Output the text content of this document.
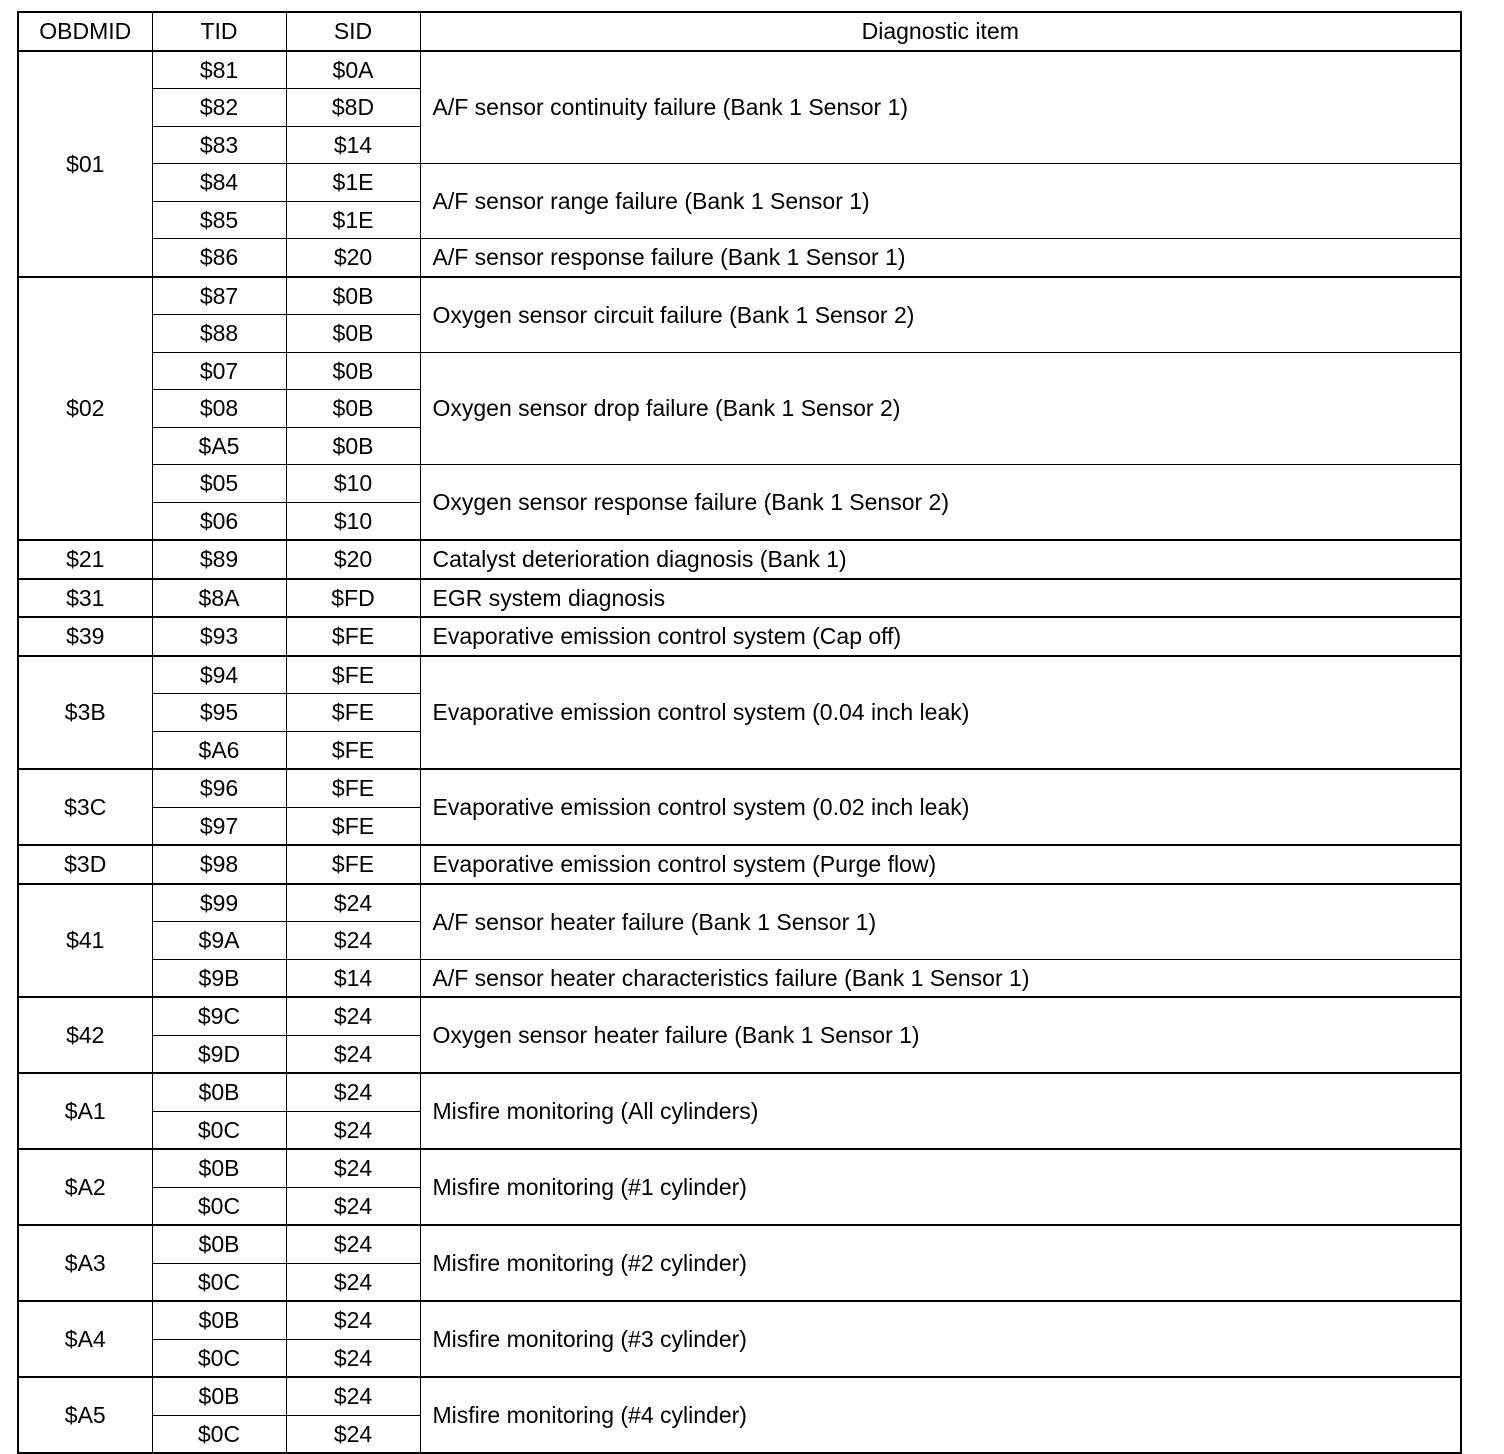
OBDMID	TID	SID	Diagnostic item
$01	$81	$0A	A/F sensor continuity failure (Bank 1 Sensor 1)
	$82	$8D	
	$83	$14	
	$84	$1E	A/F sensor range failure (Bank 1 Sensor 1)
	$85	$1E	
	$86	$20	A/F sensor response failure (Bank 1 Sensor 1)
$02	$87	$0B	Oxygen sensor circuit failure (Bank 1 Sensor 2)
	$88	$0B	
	$07	$0B	Oxygen sensor drop failure (Bank 1 Sensor 2)
	$08	$0B	
	$A5	$0B	
	$05	$10	Oxygen sensor response failure (Bank 1 Sensor 2)
	$06	$10	
$21	$89	$20	Catalyst deterioration diagnosis (Bank 1)
$31	$8A	$FD	EGR system diagnosis
$39	$93	$FE	Evaporative emission control system (Cap off)
$3B	$94	$FE	Evaporative emission control system (0.04 inch leak)
	$95	$FE	
	$A6	$FE	
$3C	$96	$FE	Evaporative emission control system (0.02 inch leak)
	$97	$FE	
$3D	$98	$FE	Evaporative emission control system (Purge flow)
$41	$99	$24	A/F sensor heater failure (Bank 1 Sensor 1)
	$9A	$24	
	$9B	$14	A/F sensor heater characteristics failure (Bank 1 Sensor 1)
$42	$9C	$24	Oxygen sensor heater failure (Bank 1 Sensor 1)
	$9D	$24	
$A1	$0B	$24	Misfire monitoring (All cylinders)
	$0C	$24	
$A2	$0B	$24	Misfire monitoring (#1 cylinder)
	$0C	$24	
$A3	$0B	$24	Misfire monitoring (#2 cylinder)
	$0C	$24	
$A4	$0B	$24	Misfire monitoring (#3 cylinder)
	$0C	$24	
$A5	$0B	$24	Misfire monitoring (#4 cylinder)
	$0C	$24	
